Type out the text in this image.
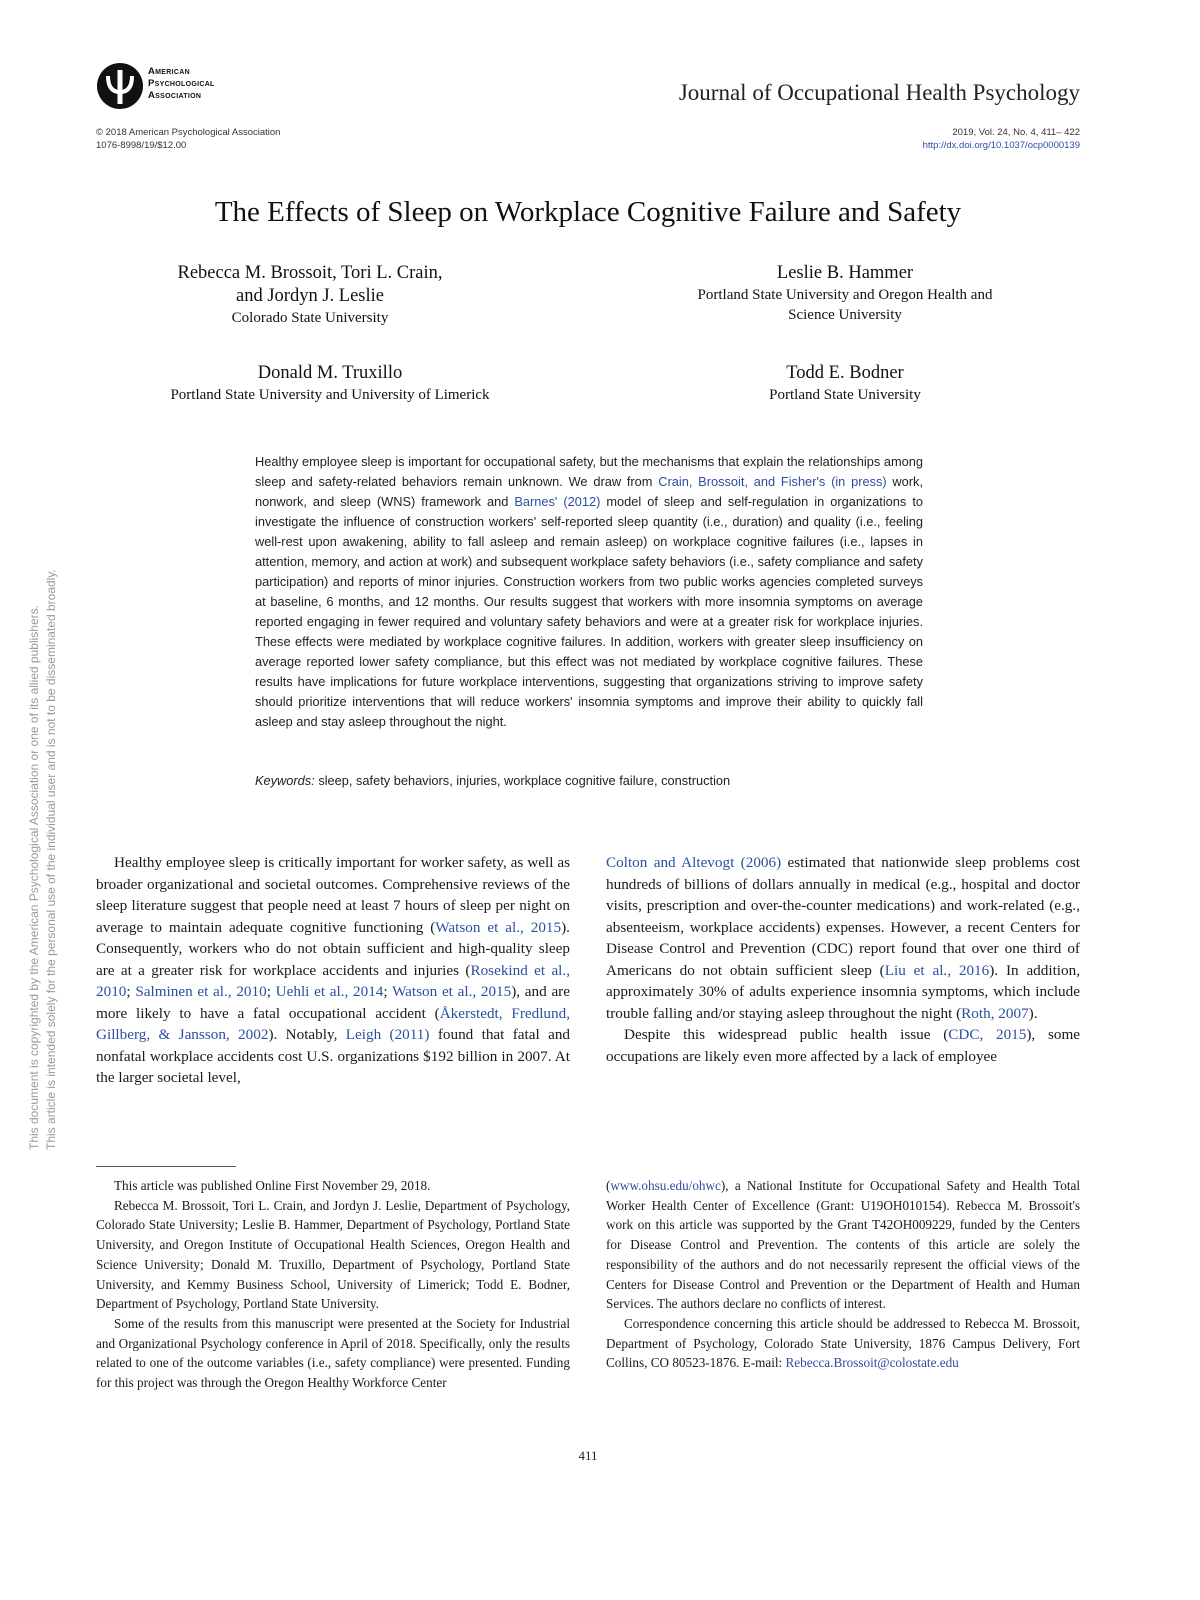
American
Psychological
Association	Journal of Occupational Health Psychology
© 2018 American Psychological Association
1076-8998/19/$12.00
2019, Vol. 24, No. 4, 411– 422
http://dx.doi.org/10.1037/ocp0000139
The Effects of Sleep on Workplace Cognitive Failure and Safety
Rebecca M. Brossoit, Tori L. Crain,
and Jordyn J. Leslie
Colorado State University
Leslie B. Hammer
Portland State University and Oregon Health and
Science University
Donald M. Truxillo
Portland State University and University of Limerick
Todd E. Bodner
Portland State University
Healthy employee sleep is important for occupational safety, but the mechanisms that explain the relationships among sleep and safety-related behaviors remain unknown. We draw from Crain, Brossoit, and Fisher's (in press) work, nonwork, and sleep (WNS) framework and Barnes' (2012) model of sleep and self-regulation in organizations to investigate the influence of construction workers' self-reported sleep quantity (i.e., duration) and quality (i.e., feeling well-rest upon awakening, ability to fall asleep and remain asleep) on workplace cognitive failures (i.e., lapses in attention, memory, and action at work) and subsequent workplace safety behaviors (i.e., safety compliance and safety participation) and reports of minor injuries. Construction workers from two public works agencies completed surveys at baseline, 6 months, and 12 months. Our results suggest that workers with more insomnia symptoms on average reported engaging in fewer required and voluntary safety behaviors and were at a greater risk for workplace injuries. These effects were mediated by workplace cognitive failures. In addition, workers with greater sleep insufficiency on average reported lower safety compliance, but this effect was not mediated by workplace cognitive failures. These results have implications for future workplace interventions, suggesting that organizations striving to improve safety should prioritize interventions that will reduce workers' insomnia symptoms and improve their ability to quickly fall asleep and stay asleep throughout the night.
Keywords: sleep, safety behaviors, injuries, workplace cognitive failure, construction
This document is copyrighted by the American Psychological Association or one of its allied publishers. This article is intended solely for the personal use of the individual user and is not to be disseminated broadly.	Healthy employee sleep is critically important for worker safety, as well as broader organizational and societal outcomes. Comprehensive reviews of the sleep literature suggest that people need at least 7 hours of sleep per night on average to maintain adequate cognitive functioning (Watson et al., 2015). Consequently, workers who do not obtain sufficient and high-quality sleep are at a greater risk for workplace accidents and injuries (Rosekind et al., 2010; Salminen et al., 2010; Uehli et al., 2014; Watson et al., 2015), and are more likely to have a fatal occupational accident (Åkerstedt, Fredlund, Gillberg, & Jansson, 2002). Notably, Leigh (2011) found that fatal and nonfatal workplace accidents cost U.S. organizations $192 billion in 2007. At the larger societal level,

Colton and Altevogt (2006) estimated that nationwide sleep problems cost hundreds of billions of dollars annually in medical (e.g., hospital and doctor visits, prescription and over-the-counter medications) and work-related (e.g., absenteeism, workplace accidents) expenses. However, a recent Centers for Disease Control and Prevention (CDC) report found that over one third of Americans do not obtain sufficient sleep (Liu et al., 2016). In addition, approximately 30% of adults experience insomnia symptoms, which include trouble falling and/or staying asleep throughout the night (Roth, 2007).

Despite this widespread public health issue (CDC, 2015), some occupations are likely even more affected by a lack of employee

This article was published Online First November 29, 2018.

Rebecca M. Brossoit, Tori L. Crain, and Jordyn J. Leslie, Department of Psychology, Colorado State University; Leslie B. Hammer, Department of Psychology, Portland State University, and Oregon Institute of Occupational Health Sciences, Oregon Health and Science University; Donald M. Truxillo, Department of Psychology, Portland State University, and Kemmy Business School, University of Limerick; Todd E. Bodner, Department of Psychology, Portland State University.

Some of the results from this manuscript were presented at the Society for Industrial and Organizational Psychology conference in April of 2018. Specifically, only the results related to one of the outcome variables (i.e., safety compliance) were presented. Funding for this project was through the Oregon Healthy Workforce Center

(www.ohsu.edu/ohwc), a National Institute for Occupational Safety and Health Total Worker Health Center of Excellence (Grant: U19OH010154). Rebecca M. Brossoit's work on this article was supported by the Grant T42OH009229, funded by the Centers for Disease Control and Prevention. The contents of this article are solely the responsibility of the authors and do not necessarily represent the official views of the Centers for Disease Control and Prevention or the Department of Health and Human Services. The authors declare no conflicts of interest.

Correspondence concerning this article should be addressed to Rebecca M. Brossoit, Department of Psychology, Colorado State University, 1876 Campus Delivery, Fort Collins, CO 80523-1876. E-mail: Rebecca.Brossoit@colostate.edu

411
